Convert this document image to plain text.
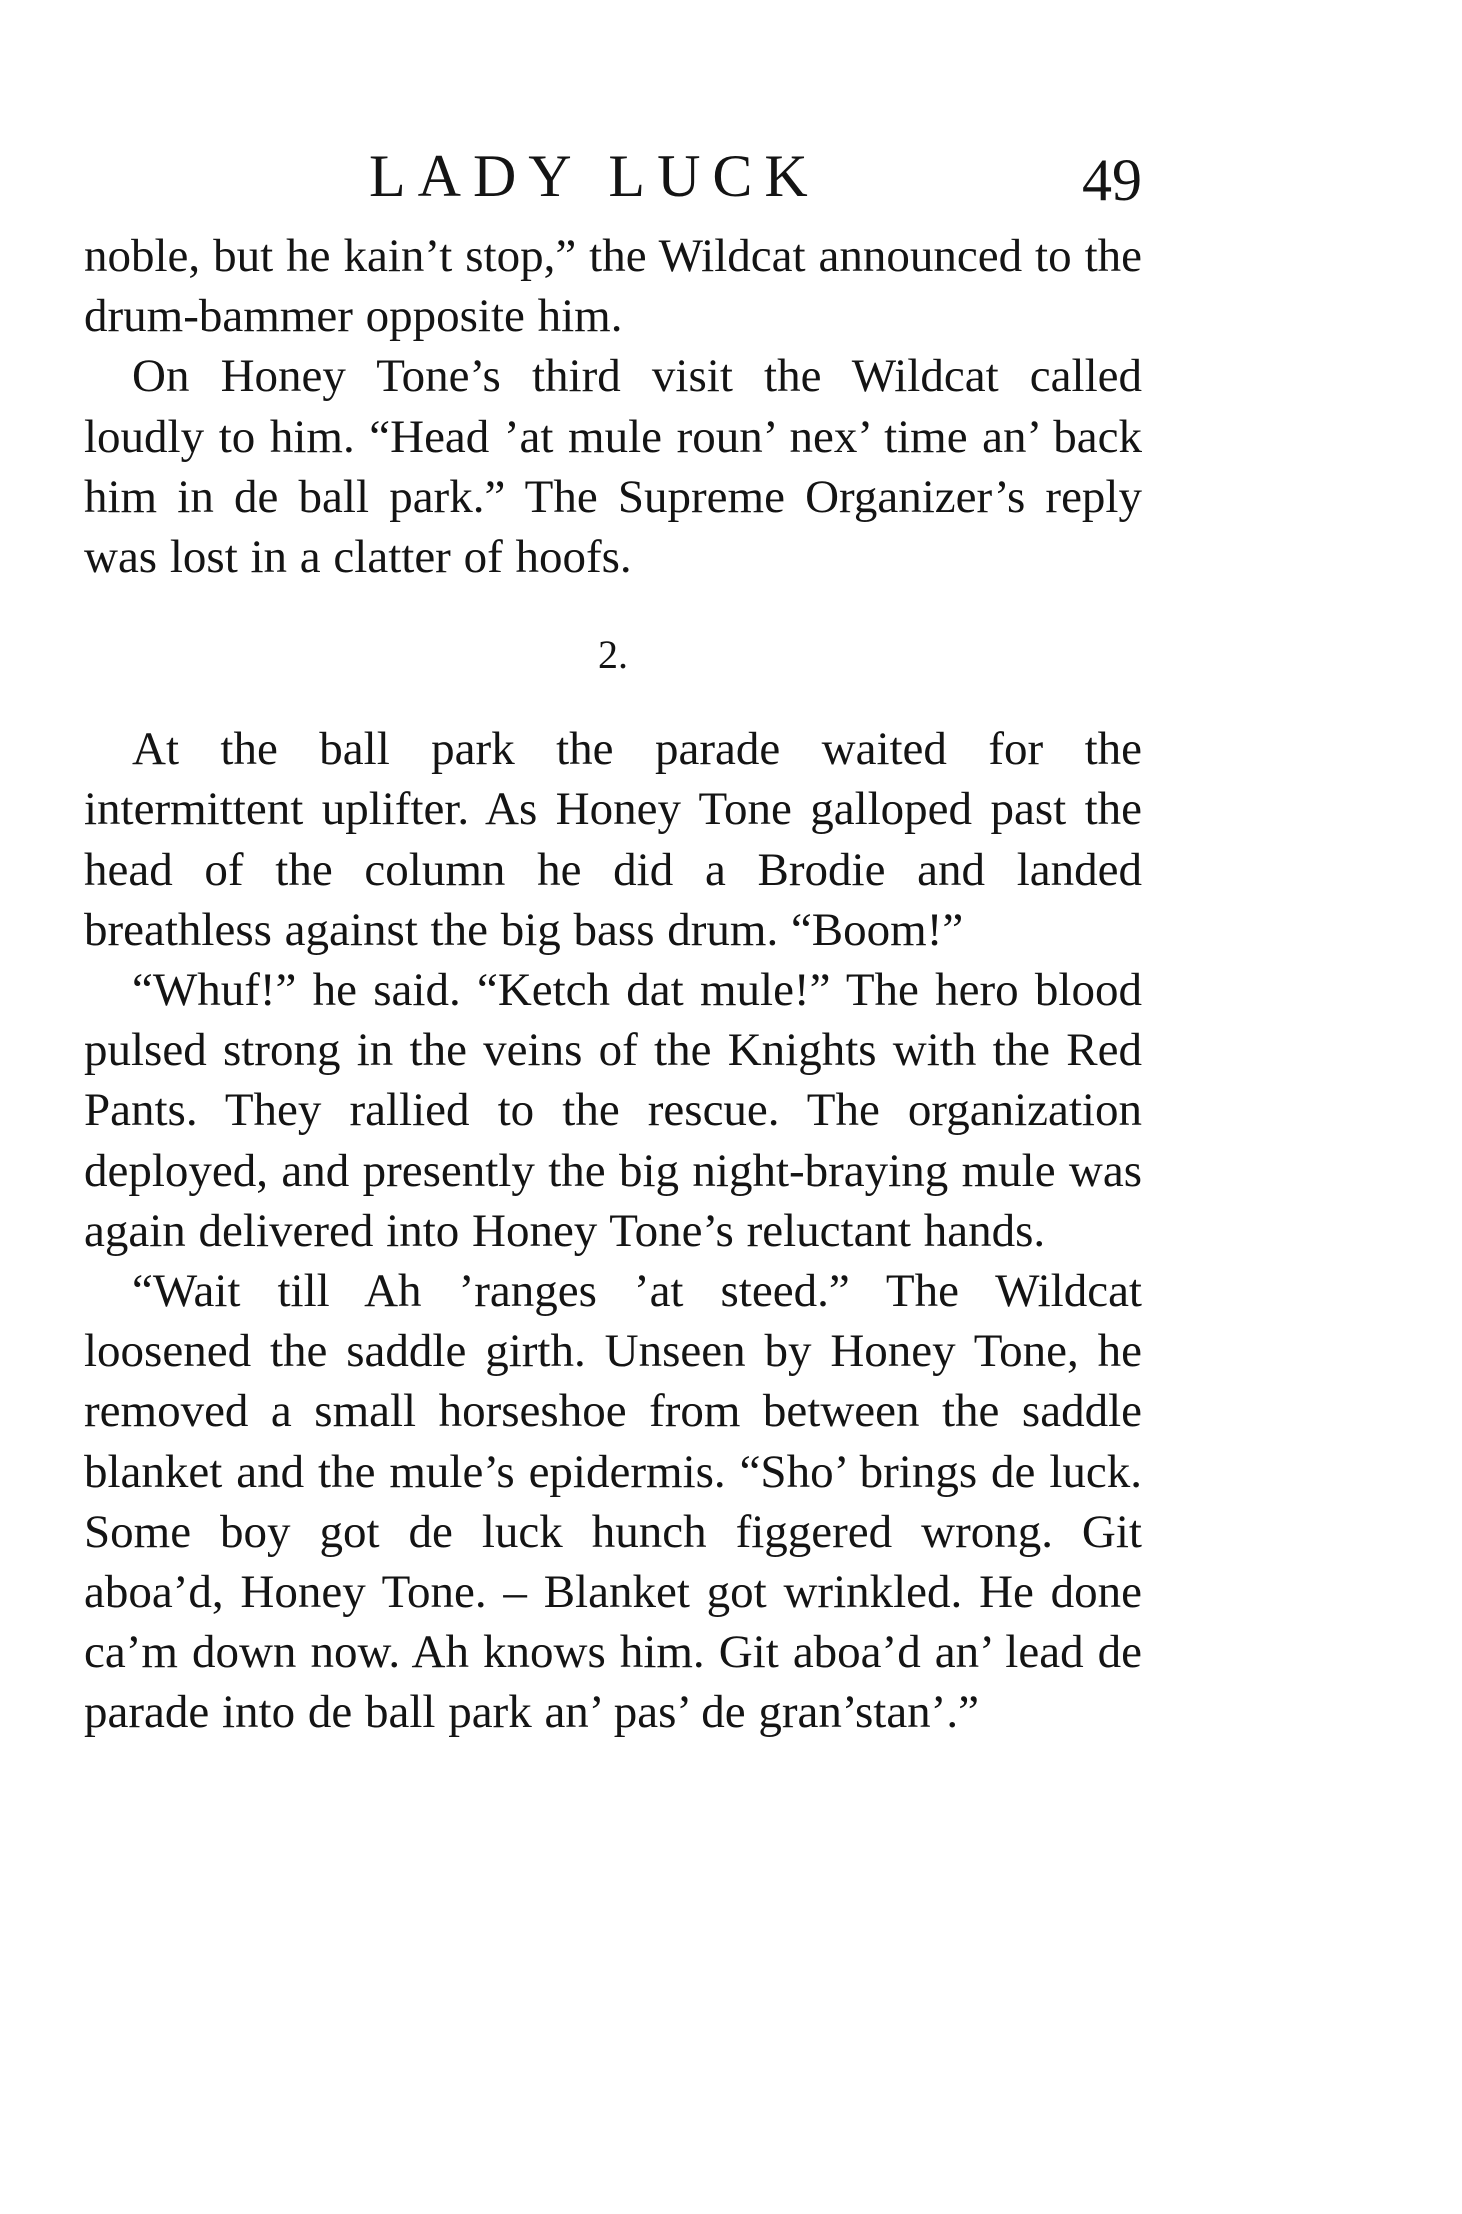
LADY LUCK	49

noble, but he kain’t stop,” the Wildcat announced to the drum-bammer opposite him.

On Honey Tone’s third visit the Wildcat called loudly to him. “Head ’at mule roun’ nex’ time an’ back him in de ball park.” The Supreme Organizer’s reply was lost in a clatter of hoofs.

2.

At the ball park the parade waited for the intermittent uplifter. As Honey Tone galloped past the head of the column he did a Brodie and landed breathless against the big bass drum. “Boom!”

“Whuf!” he said. “Ketch dat mule!” The hero blood pulsed strong in the veins of the Knights with the Red Pants. They rallied to the rescue. The organization deployed, and presently the big night-braying mule was again delivered into Honey Tone’s reluctant hands.

“Wait till Ah ’ranges ’at steed.” The Wildcat loosened the saddle girth. Unseen by Honey Tone, he removed a small horseshoe from between the saddle blanket and the mule’s epidermis. “Sho’ brings de luck. Some boy got de luck hunch figgered wrong. Git aboa’d, Honey Tone. – Blanket got wrinkled. He done ca’m down now. Ah knows him. Git aboa’d an’ lead de parade into de ball park an’ pas’ de gran’stan’.”
